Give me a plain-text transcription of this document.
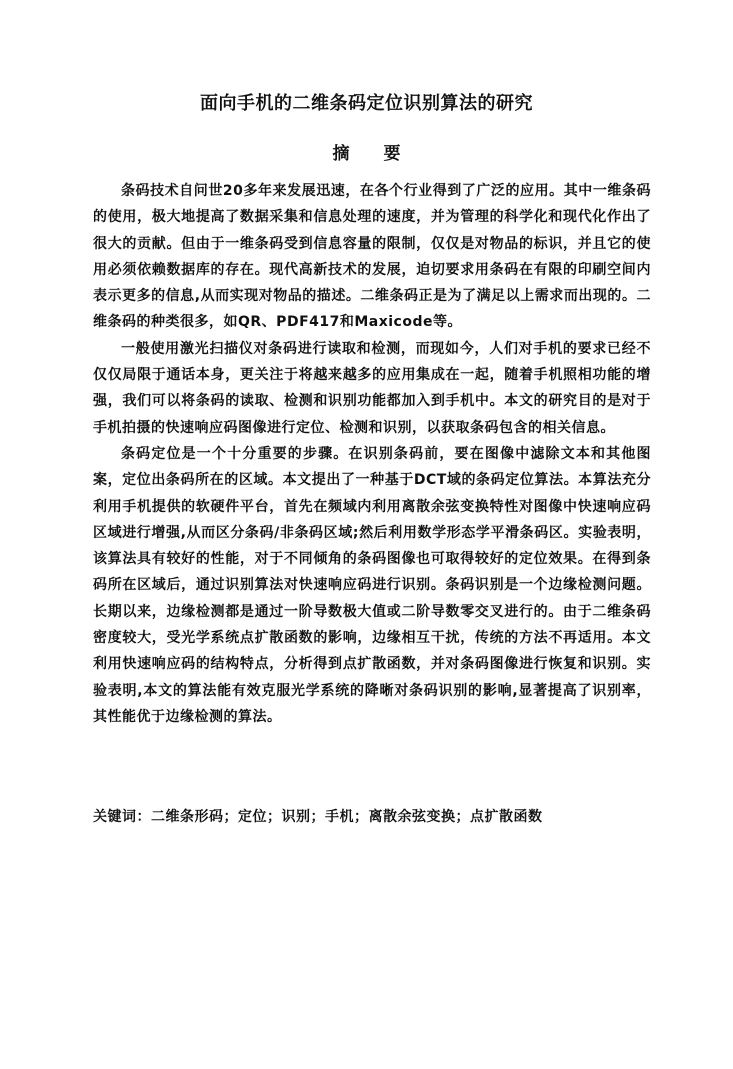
面向手机的二维条码定位识别算法的研究
摘 要

条码技术自问世20多年来发展迅速，在各个行业得到了广泛的应用。其中一维条码的使用，极大地提高了数据采集和信息处理的速度，并为管理的科学化和现代化作出了很大的贡献。但由于一维条码受到信息容量的限制，仅仅是对物品的标识，并且它的使用必须依赖数据库的存在。现代高新技术的发展，迫切要求用条码在有限的印刷空间内表示更多的信息,从而实现对物品的描述。二维条码正是为了满足以上需求而出现的。二维条码的种类很多，如QR、PDF417和Maxicode等。

一般使用激光扫描仪对条码进行读取和检测，而现如今，人们对手机的要求已经不仅仅局限于通话本身，更关注于将越来越多的应用集成在一起，随着手机照相功能的增强，我们可以将条码的读取、检测和识别功能都加入到手机中。本文的研究目的是对于手机拍摄的快速响应码图像进行定位、检测和识别，以获取条码包含的相关信息。

条码定位是一个十分重要的步骤。在识别条码前，要在图像中滤除文本和其他图案，定位出条码所在的区域。本文提出了一种基于DCT域的条码定位算法。本算法充分利用手机提供的软硬件平台，首先在频域内利用离散余弦变换特性对图像中快速响应码区域进行增强,从而区分条码/非条码区域;然后利用数学形态学平滑条码区。实验表明，该算法具有较好的性能，对于不同倾角的条码图像也可取得较好的定位效果。在得到条码所在区域后，通过识别算法对快速响应码进行识别。条码识别是一个边缘检测问题。长期以来，边缘检测都是通过一阶导数极大值或二阶导数零交叉进行的。由于二维条码密度较大，受光学系统点扩散函数的影响，边缘相互干扰，传统的方法不再适用。本文利用快速响应码的结构特点，分析得到点扩散函数，并对条码图像进行恢复和识别。实验表明,本文的算法能有效克服光学系统的降晰对条码识别的影响,显著提高了识别率，其性能优于边缘检测的算法。

关键词：二维条形码；定位；识别；手机；离散余弦变换；点扩散函数
